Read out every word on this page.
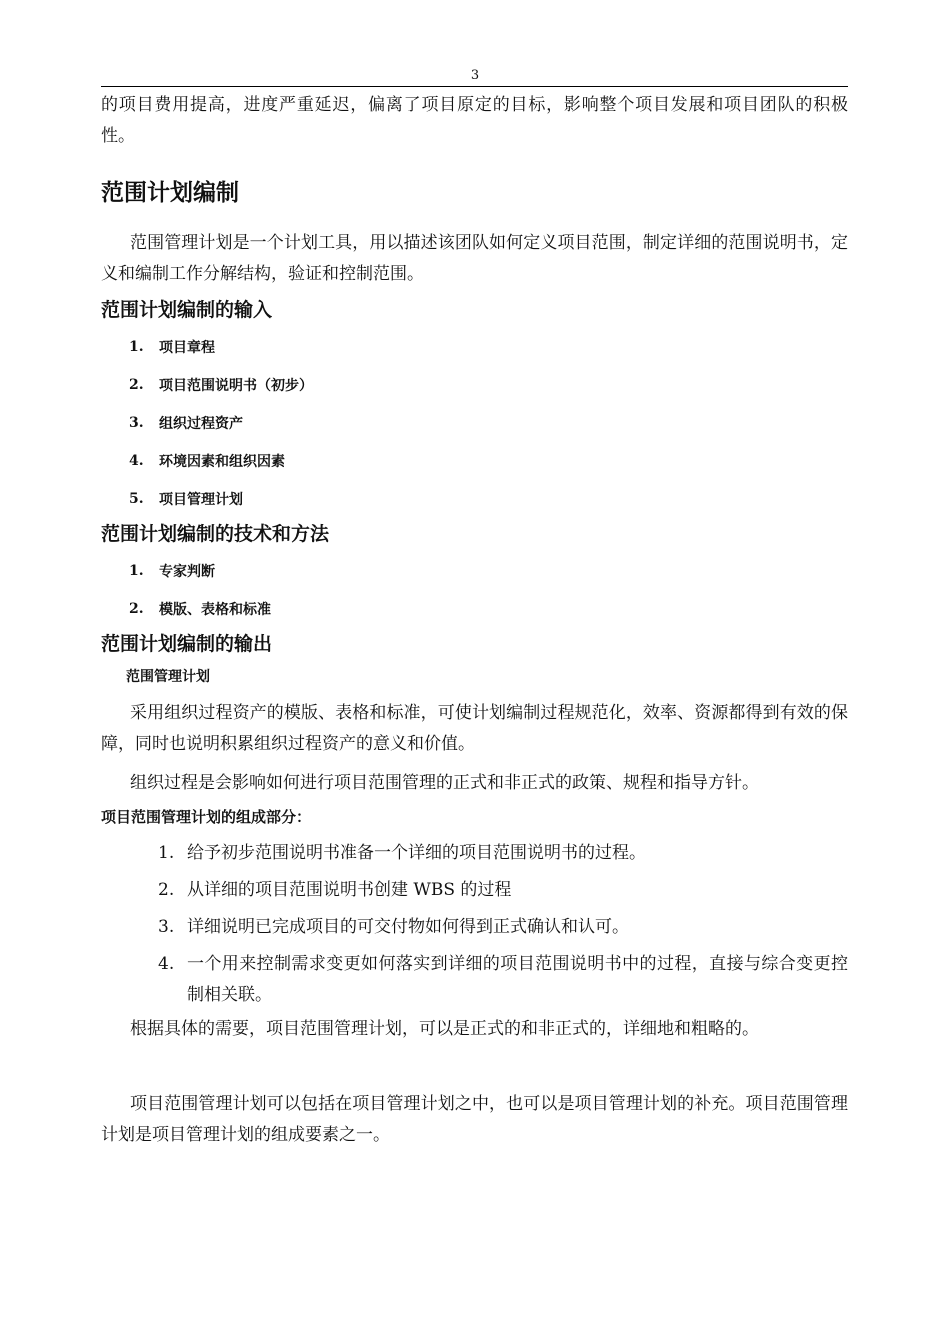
3

的项目费用提高，进度严重延迟，偏离了项目原定的目标，影响整个项目发展和项目团队的积极性。

范围计划编制

范围管理计划是一个计划工具，用以描述该团队如何定义项目范围，制定详细的范围说明书，定义和编制工作分解结构，验证和控制范围。

范围计划编制的输入
1.	项目章程
2.	项目范围说明书（初步）
3.	组织过程资产
4.	环境因素和组织因素
5.	项目管理计划
范围计划编制的技术和方法
1.	专家判断
2.	模版、表格和标准
范围计划编制的输出

范围管理计划

采用组织过程资产的模版、表格和标准，可使计划编制过程规范化，效率、资源都得到有效的保障，同时也说明积累组织过程资产的意义和价值。

组织过程是会影响如何进行项目范围管理的正式和非正式的政策、规程和指导方针。

项目范围管理计划的组成部分：

1. 给予初步范围说明书准备一个详细的项目范围说明书的过程。
2. 从详细的项目范围说明书创建 WBS 的过程
3. 详细说明已完成项目的可交付物如何得到正式确认和认可。
4. 一个用来控制需求变更如何落实到详细的项目范围说明书中的过程，直接与综合变更控制相关联。

根据具体的需要，项目范围管理计划，可以是正式的和非正式的，详细地和粗略的。

项目范围管理计划可以包括在项目管理计划之中，也可以是项目管理计划的补充。项目范围管理计划是项目管理计划的组成要素之一。
